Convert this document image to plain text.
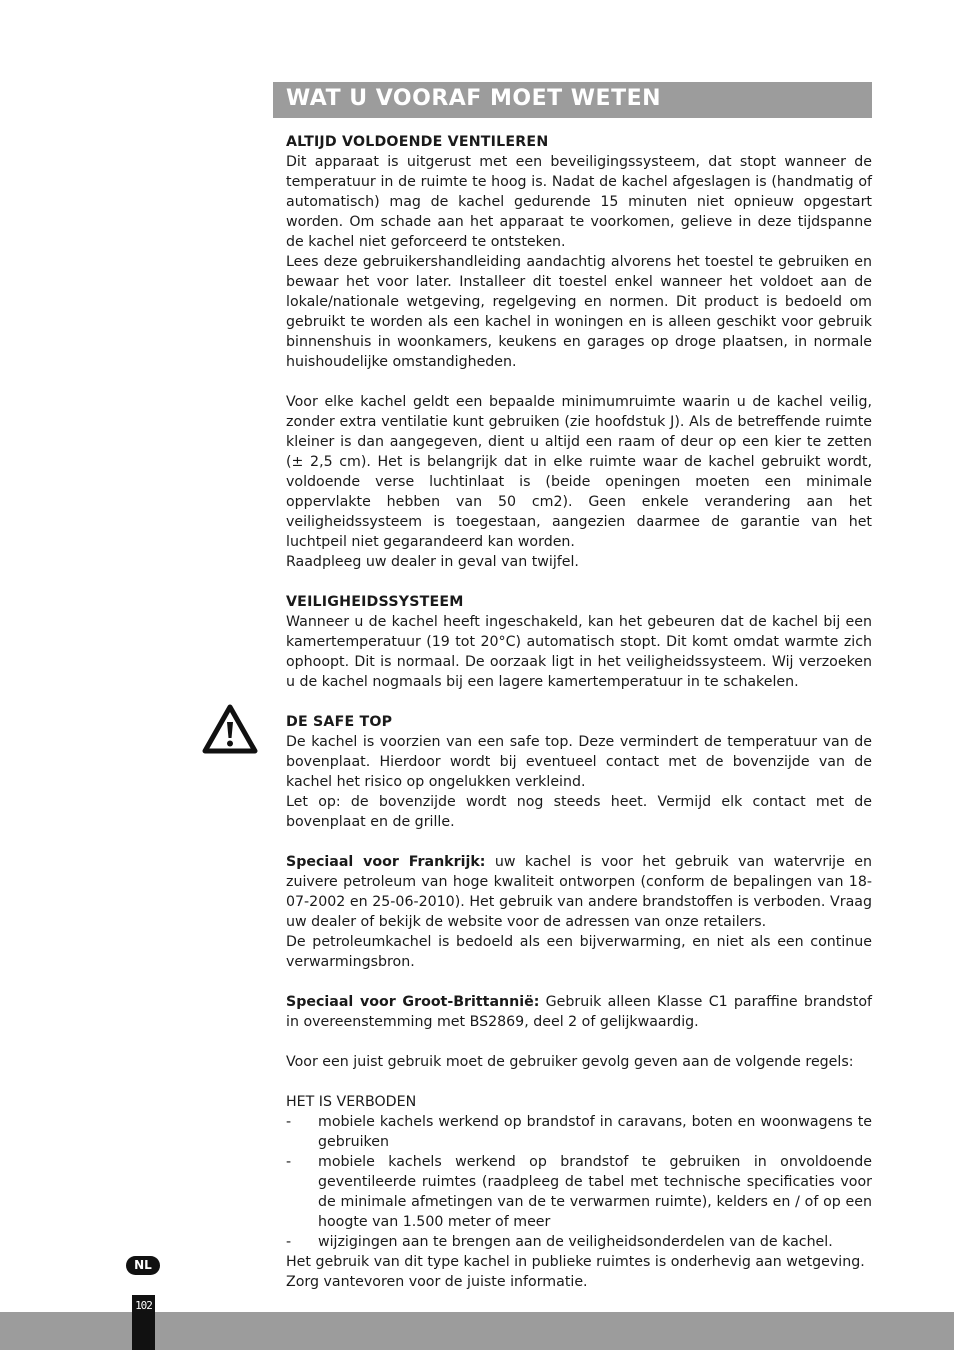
WAT U VOORAF MOET WETEN
ALTIJD VOLDOENDE VENTILEREN

Dit apparaat is uitgerust met een beveiligingssysteem, dat stopt wanneer de temperatuur in de ruimte te hoog is. Nadat de kachel afgeslagen is (handmatig of automatisch) mag de kachel gedurende 15 minuten niet opnieuw opgestart worden. Om schade aan het apparaat te voorkomen, gelieve in deze tijdspanne de kachel niet geforceerd te ontsteken.

Lees deze gebruikershandleiding aandachtig alvorens het toestel te gebruiken en bewaar het voor later. Installeer dit toestel enkel wanneer het voldoet aan de lokale/nationale wetgeving, regelgeving en normen. Dit product is bedoeld om gebruikt te worden als een kachel in woningen en is alleen geschikt voor gebruik binnenshuis in woonkamers, keukens en garages op droge plaatsen, in normale huishoudelijke omstandigheden.

Voor elke kachel geldt een bepaalde minimumruimte waarin u de kachel veilig, zonder extra ventilatie kunt gebruiken (zie hoofdstuk J). Als de betreffende ruimte kleiner is dan aangegeven, dient u altijd een raam of deur op een kier te zetten (± 2,5 cm). Het is belangrijk dat in elke ruimte waar de kachel gebruikt wordt, voldoende verse luchtinlaat is (beide openingen moeten een minimale oppervlakte hebben van 50 cm2). Geen enkele verandering aan het veiligheidssysteem is toegestaan, aangezien daarmee de garantie van het luchtpeil niet gegarandeerd kan worden.

Raadpleeg uw dealer in geval van twijfel.

VEILIGHEIDSSYSTEEM

Wanneer u de kachel heeft ingeschakeld, kan het gebeuren dat de kachel bij een kamertemperatuur (19 tot 20°C) automatisch stopt. Dit komt omdat warmte zich ophoopt. Dit is normaal. De oorzaak ligt in het veiligheidssysteem. Wij verzoeken u de kachel nogmaals bij een lagere kamertemperatuur in te schakelen.

DE SAFE TOP

De kachel is voorzien van een safe top. Deze vermindert de temperatuur van de bovenplaat. Hierdoor wordt bij eventueel contact met de bovenzijde van de kachel het risico op ongelukken verkleind.

Let op: de bovenzijde wordt nog steeds heet. Vermijd elk contact met de bovenplaat en de grille.

Speciaal voor Frankrijk: uw kachel is voor het gebruik van watervrije en zuivere petroleum van hoge kwaliteit ontworpen (conform de bepalingen van 18-07-2002 en 25-06-2010). Het gebruik van andere brandstoffen is verboden. Vraag uw dealer of bekijk de website voor de adressen van onze retailers.

De petroleumkachel is bedoeld als een bijverwarming, en niet als een continue verwarmingsbron.

Speciaal voor Groot-Brittannië: Gebruik alleen Klasse C1 paraffine brandstof in overeenstemming met BS2869, deel 2 of gelijkwaardig.

Voor een juist gebruik moet de gebruiker gevolg geven aan de volgende regels:

HET IS VERBODEN

- mobiele kachels werkend op brandstof in caravans, boten en woonwagens te gebruiken
- mobiele kachels werkend op brandstof te gebruiken in onvoldoende geventileerde ruimtes (raadpleeg de tabel met technische specificaties voor de minimale afmetingen van de te verwarmen ruimte), kelders en / of op een hoogte van 1.500 meter of meer
- wijzigingen aan te brengen aan de veiligheidsonderdelen van de kachel.

Het gebruik van dit type kachel in publieke ruimtes is onderhevig aan wetgeving.

Zorg vantevoren voor de juiste informatie.

NL
102
